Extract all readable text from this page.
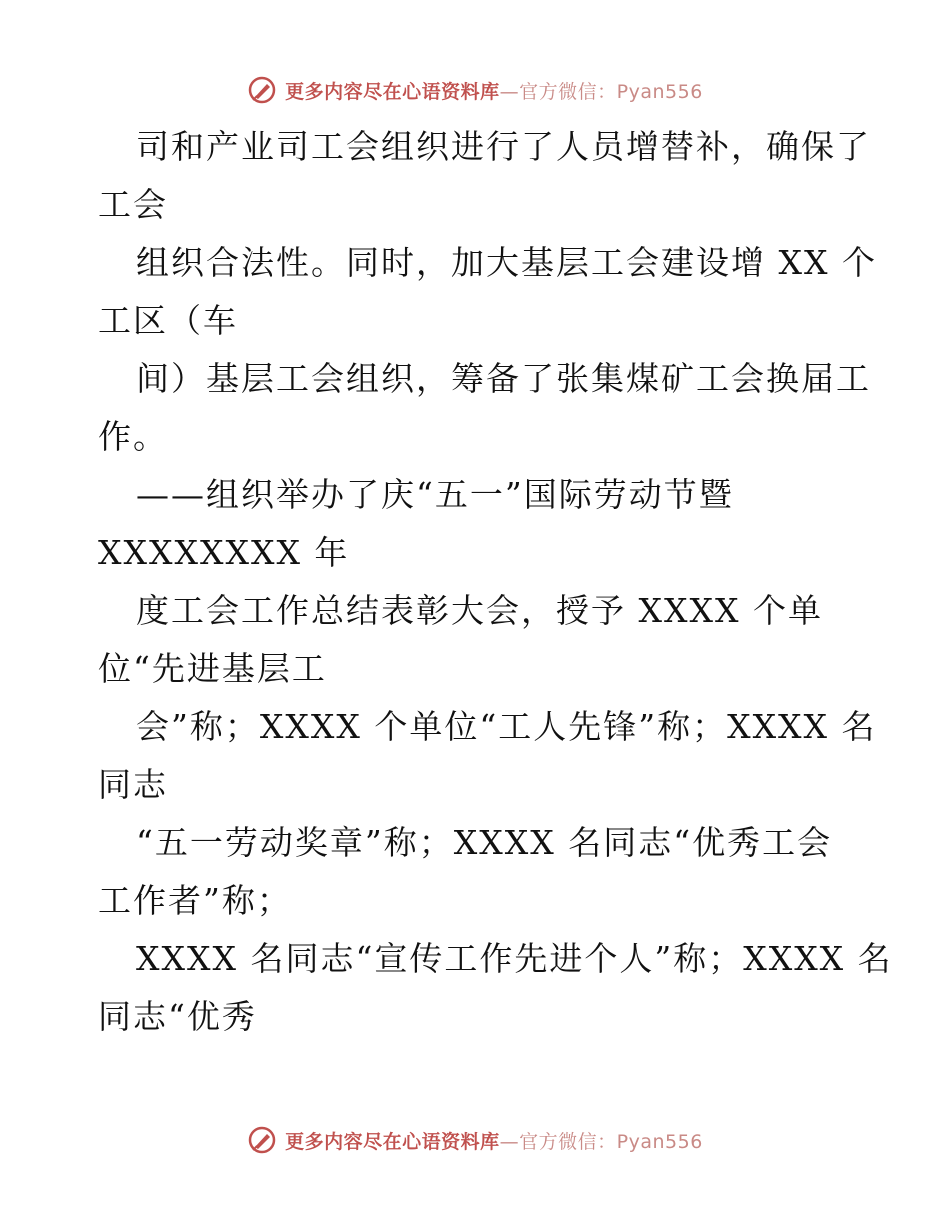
更多内容尽在心语资料库—官方微信：Pyan556
司和产业司工会组织进行了人员增替补，确保了
工会
组织合法性。同时，加大基层工会建设增 XX 个
工区（车
间）基层工会组织，筹备了张集煤矿工会换届工
作。
——组织举办了庆“五一”国际劳动节暨
XXXXXXXX 年
度工会工作总结表彰大会，授予 XXXX 个单
位“先进基层工
会”称；XXXX 个单位“工人先锋”称；XXXX 名
同志
“五一劳动奖章”称；XXXX 名同志“优秀工会
工作者”称；
XXXX 名同志“宣传工作先进个人”称；XXXX 名
同志“优秀
更多内容尽在心语资料库—官方微信：Pyan556
